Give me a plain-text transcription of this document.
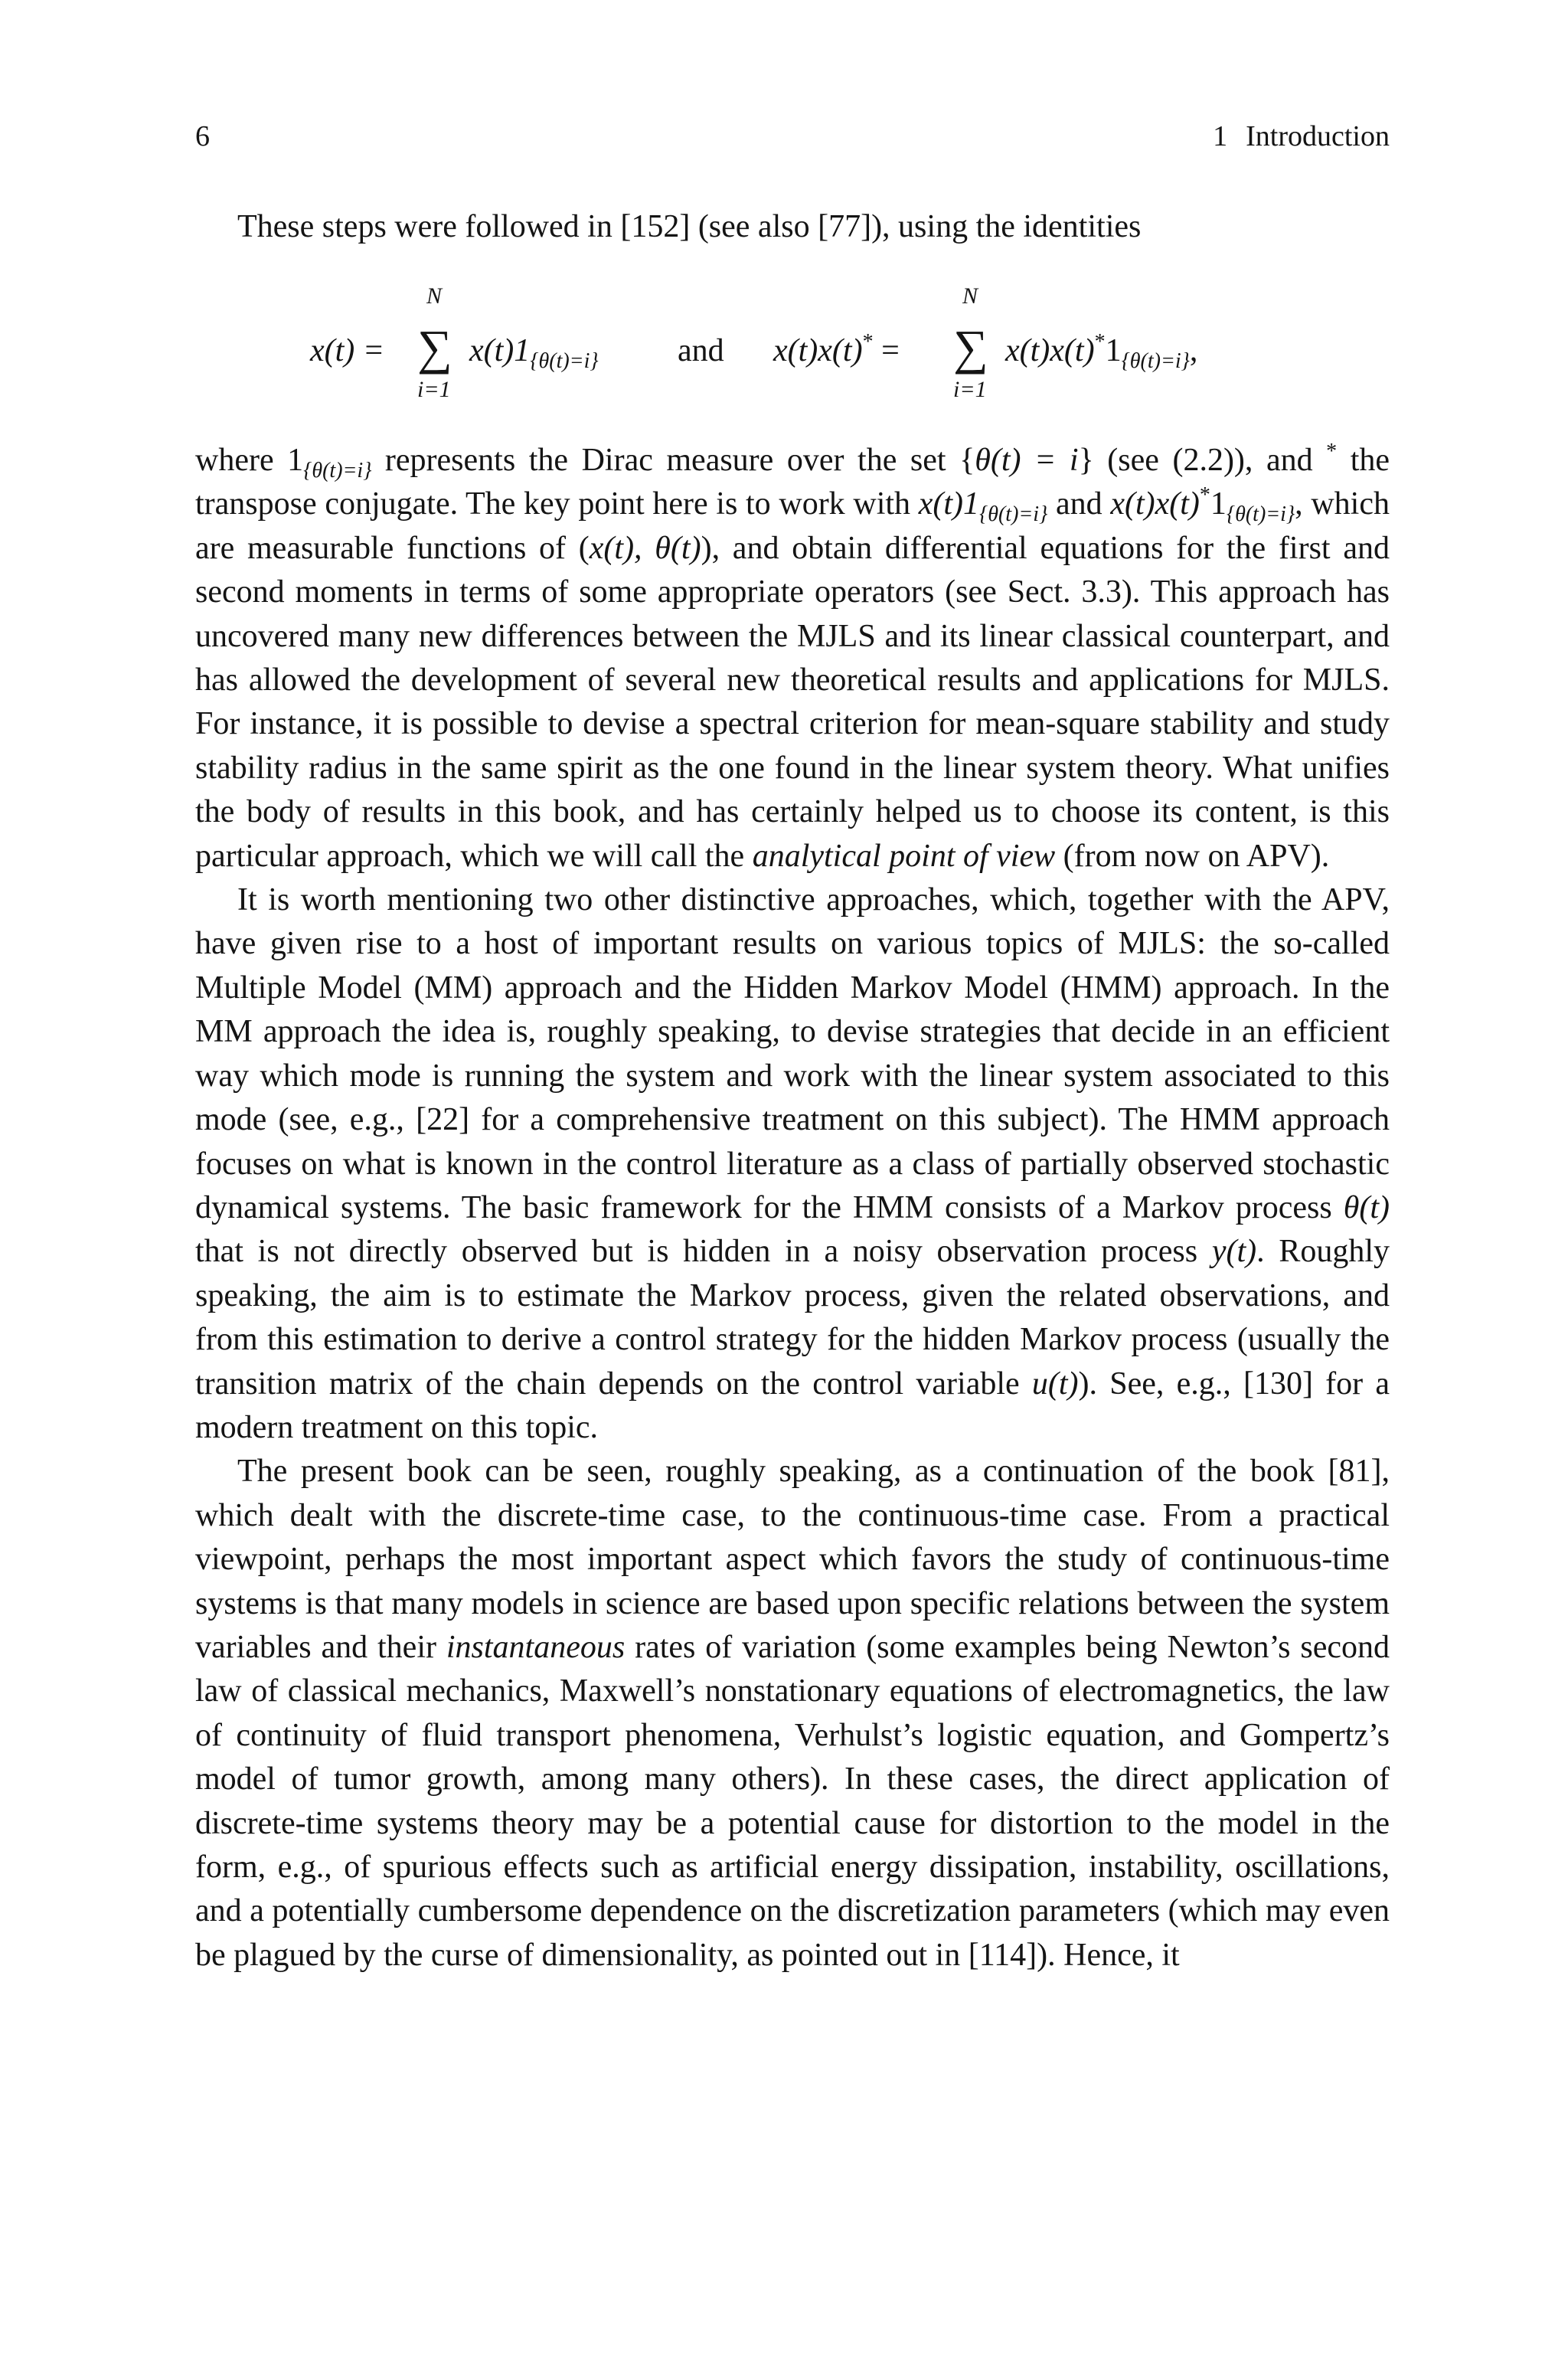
6	1 Introduction

These steps were followed in [152] (see also [77]), using the identities

x(t) =
N
∑
i=1
$x(t)1_{\{\theta(t)=i\}}$ and x(t)x(t)* =
N
∑
i=1
$x(t)x(t)^*1_{\{\theta(t)=i\}}$,

where $1_{\{\theta(t)=i\}}$ represents the Dirac measure over the set {θ(t) = i} (see (2.2)), and * the transpose conjugate. The key point here is to work with $x(t)1_{\{\theta(t)=i\}}$ and $x(t)x(t)^*1_{\{\theta(t)=i\}}$, which are measurable functions of (x(t), θ(t)), and obtain differential equations for the first and second moments in terms of some appropriate operators (see Sect. 3.3). This approach has uncovered many new differences between the MJLS and its linear classical counterpart, and has allowed the development of several new theoretical results and applications for MJLS. For instance, it is possible to devise a spectral criterion for mean-square stability and study stability radius in the same spirit as the one found in the linear system theory. What unifies the body of results in this book, and has certainly helped us to choose its content, is this particular approach, which we will call the analytical point of view (from now on APV).

It is worth mentioning two other distinctive approaches, which, together with the APV, have given rise to a host of important results on various topics of MJLS: the so-called Multiple Model (MM) approach and the Hidden Markov Model (HMM) approach. In the MM approach the idea is, roughly speaking, to devise strategies that decide in an efficient way which mode is running the system and work with the linear system associated to this mode (see, e.g., [22] for a comprehensive treatment on this subject). The HMM approach focuses on what is known in the control literature as a class of partially observed stochastic dynamical systems. The basic framework for the HMM consists of a Markov process θ(t) that is not directly observed but is hidden in a noisy observation process y(t). Roughly speaking, the aim is to estimate the Markov process, given the related observations, and from this estimation to derive a control strategy for the hidden Markov process (usually the transition matrix of the chain depends on the control variable u(t)). See, e.g., [130] for a modern treatment on this topic.

The present book can be seen, roughly speaking, as a continuation of the book [81], which dealt with the discrete-time case, to the continuous-time case. From a practical viewpoint, perhaps the most important aspect which favors the study of continuous-time systems is that many models in science are based upon specific relations between the system variables and their instantaneous rates of variation (some examples being Newton’s second law of classical mechanics, Maxwell’s nonstationary equations of electromagnetics, the law of continuity of fluid transport phenomena, Verhulst’s logistic equation, and Gompertz’s model of tumor growth, among many others). In these cases, the direct application of discrete-time systems theory may be a potential cause for distortion to the model in the form, e.g., of spurious effects such as artificial energy dissipation, instability, oscillations, and a potentially cumbersome dependence on the discretization parameters (which may even be plagued by the curse of dimensionality, as pointed out in [114]). Hence, it
